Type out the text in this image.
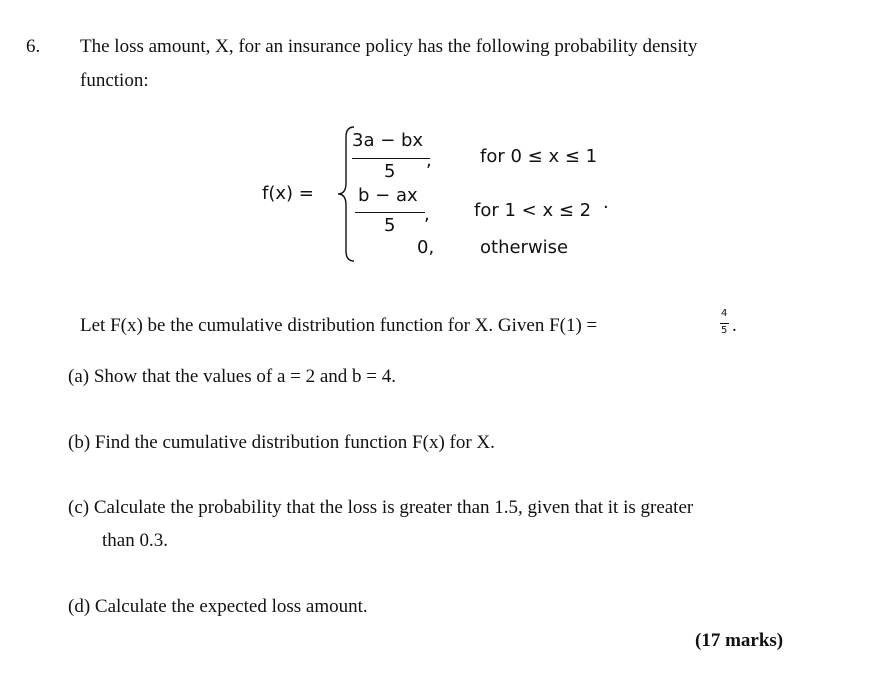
6. The loss amount, X, for an insurance policy has the following probability density
function:
f(x) =
3a − bx
5
,	for 0 ≤ x ≤ 1
b − ax
5
, for 1 < x ≤ 2 .
0,	otherwise
Let F(x) be the cumulative distribution function for X. Given F(1) =
4
5 .
(a) Show that the values of a = 2 and b = 4.
(b) Find the cumulative distribution function F(x) for X.
(c) Calculate the probability that the loss is greater than 1.5, given that it is greater
than 0.3.
(d) Calculate the expected loss amount.
(17 marks)
